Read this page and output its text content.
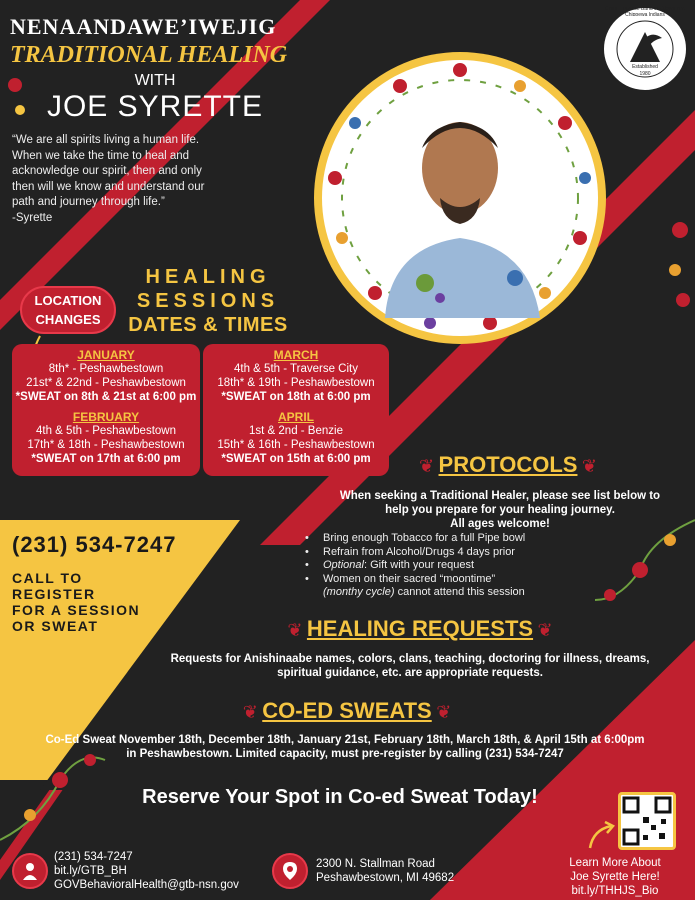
NENAANDAWE’IWEJIG
TRADITIONAL HEALING
WITH
JOE SYRETTE
“We are all spirits living a human life. When we take the time to heal and acknowledge our spirit, then and only then will we know and understand our path and journey through life.”
-Syrette
Grand Traverse Band of Ottawa and Chippewa Indians
Established
1980
HEALING
SESSIONS
DATES & TIMES
LOCATION
CHANGES
JANUARY
8th* - Peshawbestown
21st* & 22nd - Peshawbestown
*SWEAT on 8th & 21st at 6:00 pm
FEBRUARY
4th & 5th - Peshawbestown
17th* & 18th - Peshawbestown
*SWEAT on 17th at 6:00 pm
MARCH
4th & 5th - Traverse City
18th* & 19th - Peshawbestown
*SWEAT on 18th at 6:00 pm
APRIL
1st & 2nd - Benzie
15th* & 16th - Peshawbestown
*SWEAT on 15th at 6:00 pm
(231) 534-7247
CALL TO
REGISTER
FOR A SESSION
OR SWEAT
❦ PROTOCOLS ❦
When seeking a Traditional Healer, please see list below to
help you prepare for your healing journey.
All ages welcome!
• Bring enough Tobacco for a full Pipe bowl
• Refrain from Alcohol/Drugs 4 days prior
• Optional: Gift with your request
• Women on their sacred “moontime”
(monthy cycle) cannot attend this session
❦ HEALING REQUESTS ❦
Requests for Anishinaabe names, colors, clans, teaching, doctoring for illness, dreams,
spiritual guidance, etc. are appropriate requests.
❦ CO-ED SWEATS ❦
Co-Ed Sweat November 18th, December 18th, January 21st, February 18th, March 18th, & April 15th at 6:00pm
in Peshawbestown. Limited capacity, must pre-register by calling (231) 534-7247
Reserve Your Spot in Co-ed Sweat Today!
(231) 534-7247
bit.ly/GTB_BH
GOVBehavioralHealth@gtb-nsn.gov
2300 N. Stallman Road
Peshawbestown, MI 49682
Learn More About
Joe Syrette Here!
bit.ly/THHJS_Bio
